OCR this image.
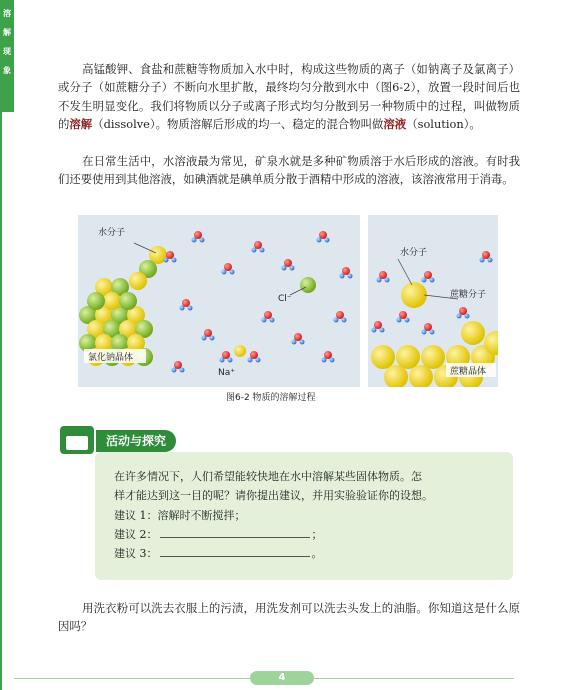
溶
解
现
象	高锰酸钾、食盐和蔗糖等物质加入水中时，构成这些物质的离子（如钠离子及氯离子）或分子（如蔗糖分子）不断向水里扩散，最终均匀分散到水中（图6-2），放置一段时间后也不发生明显变化。我们将物质以分子或离子形式均匀分散到另一种物质中的过程，叫做物质的溶解（dissolve）。物质溶解后形成的均一、稳定的混合物叫做溶液（solution）。

在日常生活中，水溶液最为常见，矿泉水就是多种矿物质溶于水后形成的溶液。有时我们还要使用到其他溶液，如碘酒就是碘单质分散于酒精中形成的溶液，该溶液常用于消毒。

水分子
Cl⁻
Na⁺
氯化钠晶体
水分子
蔗糖分子
蔗糖晶体
图6-2 物质的溶解过程
活动与探究

在许多情况下，人们希望能较快地在水中溶解某些固体物质。怎

样才能达到这一目的呢？请你提出建议，并用实验验证你的设想。

建议 1：溶解时不断搅拌；

建议 2：	；

建议 3：	。

用洗衣粉可以洗去衣服上的污渍，用洗发剂可以洗去头发上的油脂。你知道这是什么原因吗？

4
